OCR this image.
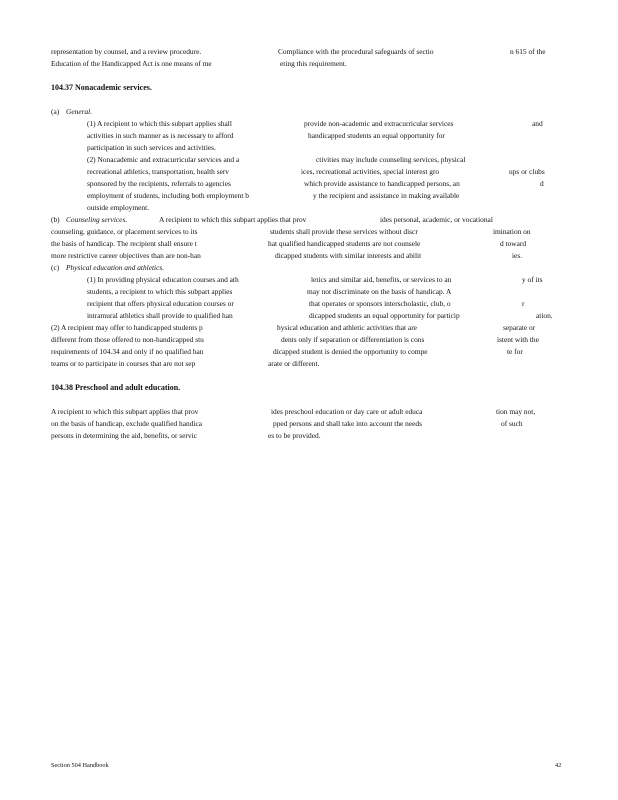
representation by counsel, and a review procedure.	Compliance with the procedural safeguards of sectio	n 615 of the
Education of the Handicapped Act is one means of me	eting this requirement.
104.37 Nonacademic services.
(a) General.
(1) A recipient to which this subpart applies shall	provide non-academic and extracurricular services	and
activities in such manner as is necessary to afford	handicapped students an equal opportunity for
participation in such services and activities.
(2) Nonacademic and extracurricular services and a	ctivities may include counseling services, physical
recreational athletics, transportation, health serv	ices, recreational activities, special interest gro	ups or clubs
sponsored by the recipients, referrals to agencies	which provide assistance to handicapped persons, an	d
employment of students, including both employment b	y the recipient and assistance in making available
outside employment.
(b) Counseling services.	A recipient to which this subpart applies that prov	ides personal, academic, or vocational
counseling, guidance, or placement services to its	students shall provide these services without discr	imination on
the basis of handicap. The recipient shall ensure t	hat qualified handicapped students are not counsele	d toward
more restrictive career objectives than are non-han	dicapped students with similar interests and abilit	ies.
(c) Physical education and athletics.
(1) In providing physical education courses and ath	letics and similar aid, benefits, or services to an	y of its
students, a recipient to which this subpart applies	may not discriminate on the basis of handicap. A
recipient that offers physical education courses or	that operates or sponsors interscholastic, club, o	r
intramural athletics shall provide to qualified han	dicapped students an equal opportunity for particip	ation.
(2) A recipient may offer to handicapped students p	hysical education and athletic activities that are	separate or
different from those offered to non-handicapped stu	dents only if separation or differentiation is cons	istent with the
requirements of 104.34 and only if no qualified han	dicapped student is denied the opportunity to compe	te for
teams or to participate in courses that are not sep	arate or different.
104.38 Preschool and adult education.
A recipient to which this subpart applies that prov	ides preschool education or day care or adult educa	tion may not,
on the basis of handicap, exclude qualified handica	pped persons and shall take into account the needs	of such
persons in determining the aid, benefits, or servic	es to be provided.
Section 504 Handbook	42
